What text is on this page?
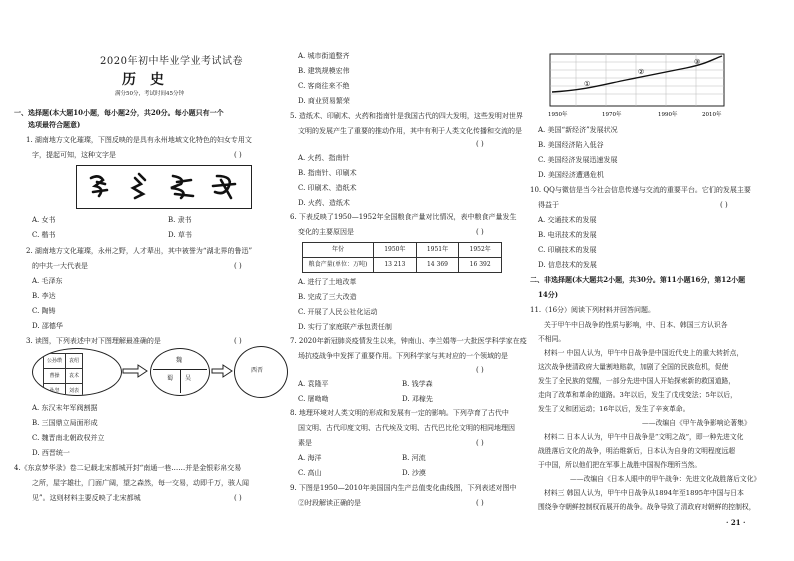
2020年初中毕业学业考试试卷
历史
满分50分，考试时间45分钟
一、选择题(本大题10小题，每小题2分，共20分。每小题只有一个
选项最符合题意)
1. 湖南地方文化璀璨，下图反映的是具有永州地域文化特色的妇女专用文
字，提起可知，这种文字是	( )
A. 女书	B. 隶书
C. 楷书	D. 草书
2. 湖南地方文化璀璨，永州之野，人才辈出，其中被誉为“湖北界的鲁迅”
的中共一大代表是	( )
A. 毛泽东
B. 李达
C. 陶铸
D. 邵德华
3. 读图，下列表述中对下图理解最准确的是	( )
公孙瓒	袁绍
曹操	袁术
孙坚	刘表

魏
蜀 吴
西晋
A. 东汉末年军阀割据
B. 三国鼎立局面形成
C. 魏晋南北朝政权并立
D. 西晋统一
4.《东京梦华录》卷二记载北宋都城开封“南通一巷……并是金银彩帛交易
之所，屋字雄壮，门面广阔，望之森然，每一交易，动即千万，骇人闻
见”。这则材料主要反映了北宋都城	( )
A. 城市街道整齐
B. 建筑规模宏伟
C. 客商往来不绝
D. 商业贸易繁荣
5. 造纸术、印刷术、火药和指南针是我国古代的四大发明，这些发明对世界
文明的发展产生了重要的推动作用，其中有利于人类文化传播和交流的是
( )
A. 火药、指南针
B. 指南针、印刷术
C. 印刷术、造纸术
D. 火药、造纸术
6. 下表反映了1950—1952年全国粮食产量对比情况，表中粮食产量发生
变化的主要原因是	( )
年份	1950年	1951年	1952年
粮食产量(单位：万吨)	13 213	14 369	16 392
A. 进行了土地改革
B. 完成了三大改造
C. 开展了人民公社化运动
D. 实行了家庭联产承包责任制
7. 2020年新冠肺炎疫情发生以来，钟南山、李兰娟等一大批医学科学家在疫
场抗疫战争中发挥了重要作用。下列科学家与其对应的一个领域的是
( )
A. 袁隆平	B. 钱学森
C. 屠呦呦	D. 邓稼先
8. 地理环境对人类文明的形成和发展有一定的影响。下列孕育了古代中
国文明、古代印度文明、古代埃及文明、古代巴比伦文明的相同地理因
素是	( )
A. 海洋	B. 河流
C. 高山	D. 沙漠
9. 下图是1950—2010年美国国内生产总值变化曲线图，下列表述对图中
②时段解读正确的是	( )
①
②
③
1950年	1970年	1990年	2010年
A. 美国“新经济”发展状况
B. 美国经济陷入低谷
C. 美国经济发展迅速发展
D. 美国经济遭遇危机
10. QQ与微信是当今社会信息传递与交流的重要平台。它们的发展主要
得益于	( )
A. 交通技术的发展
B. 电讯技术的发展
C. 印刷技术的发展
D. 信息技术的发展
二、非选择题(本大题共2小题，共30分。第11小题16分，第12小题
14分)
11.（16分）阅读下列材料并回答问题。
关于甲午中日战争的性质与影响，中、日本、韩国三方认识各
不相同。
材料一 中国人认为，甲午中日战争是中国近代史上的重大转折点，
这次战争使清政府大量割地赔款，加剧了全国的民族危机，促使
发生了全民族的觉醒，一部分先进中国人开始探索新的救国道路，
走向了改革和革命的道路。3年以后，发生了戊戌变法；5年以后，
发生了义和团运动；16年以后，发生了辛亥革命。
——改编自《甲午战争影响论著集》
材料二 日本人认为，甲午中日战争是“文明之战”，即一种先进文化
战胜落后文化的战争，明治维新后，日本认为自身的文明程度远超
于中国，所以他们把在军事上战胜中国视作理所当然。
——改编自《日本人眼中的甲午战争：先进文化战胜落后文化》
材料三 韩国人认为，甲午中日战争从1894年至1895年中国与日本
围绕争夺朝鲜控制权而展开的战争。战争导致了清政府对朝鲜的控制权，
· 21 ·
